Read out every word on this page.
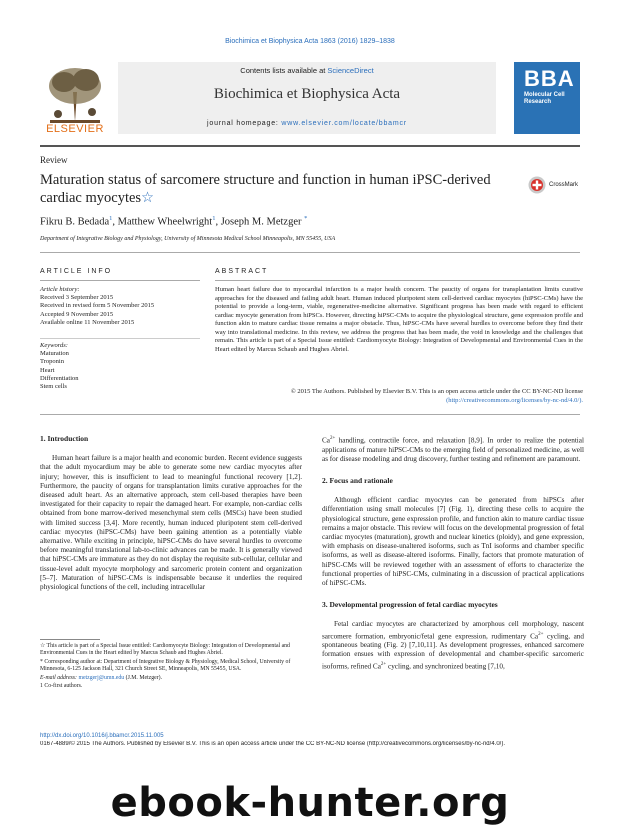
Biochimica et Biophysica Acta 1863 (2016) 1829–1838
ELSEVIER
Contents lists available at ScienceDirect
Biochimica et Biophysica Acta
journal homepage: www.elsevier.com/locate/bbamcr
BBA
Molecular Cell Research
Review
Maturation status of sarcomere structure and function in human iPSC-derived cardiac myocytes☆
CrossMark
Fikru B. Bedada$^1$, Matthew Wheelwright$^1$, Joseph M. Metzger *
Department of Integrative Biology and Physiology, University of Minnesota Medical School Minneapolis, MN 55455, USA
ARTICLE INFO	ABSTRACT
Article history:
Received 3 September 2015
Received in revised form 5 November 2015
Accepted 9 November 2015
Available online 11 November 2015
Keywords:
Maturation
Troponin
Heart
Differentiation
Stem cells
Human heart failure due to myocardial infarction is a major health concern. The paucity of organs for transplantation limits curative approaches for the diseased and failing adult heart. Human induced pluripotent stem cell-derived cardiac myocytes (hiPSC-CMs) have the potential to provide a long-term, viable, regenerative-medicine alternative. Significant progress has been made with regard to efficient cardiac myocyte generation from hiPSCs. However, directing hiPSC-CMs to acquire the physiological structure, gene expression profile and function akin to mature cardiac tissue remains a major obstacle. Thus, hiPSC-CMs have several hurdles to overcome before they find their way into translational medicine. In this review, we address the progress that has been made, the void in knowledge and the challenges that remain. This article is part of a Special Issue entitled: Cardiomyocyte Biology: Integration of Developmental and Environmental Cues in the Heart edited by Marcus Schaub and Hughes Abriel.
© 2015 The Authors. Published by Elsevier B.V. This is an open access article under the CC BY-NC-ND license
(http://creativecommons.org/licenses/by-nc-nd/4.0/).
1. Introduction
Human heart failure is a major health and economic burden. Recent evidence suggests that the adult myocardium may be able to generate some new cardiac myocytes after injury; however, this is insufficient to lead to meaningful functional recovery [1,2]. Furthermore, the paucity of organs for transplantation limits curative approaches for the diseased adult heart. As an alternative approach, stem cell-based therapies have been investigated for their capacity to repair the damaged heart. For example, non-cardiac cells obtained from bone marrow-derived mesenchymal stem cells (MSCs) have been studied with limited success [3,4]. More recently, human induced pluripotent stem cell-derived cardiac myocytes (hiPSC-CMs) have been gaining attention as a potentially viable alternative. While exciting in principle, hiPSC-CMs do have several hurdles to overcome before meaningful translational lab-to-clinic advances can be made. It is generally viewed that hiPSC-CMs are immature as they do not display the requisite sub-cellular, cellular and tissue-level adult myocyte morphology and sarcomeric protein content and organization [5–7]. Maturation of hiPSC-CMs is indispensable because it underlies the required physiological functions of the cell, including intracellular
$Ca^{2+}$ handling, contractile force, and relaxation [8,9]. In order to realize the potential applications of mature hiPSC-CMs to the emerging field of personalized medicine, as well as for disease modeling and drug discovery, further testing and refinement are paramount.
2. Focus and rationale
Although efficient cardiac myocytes can be generated from hiPSCs after differentiation using small molecules [7] (Fig. 1), directing these cells to acquire the physiological structure, gene expression profile, and function akin to mature cardiac tissue remains a major obstacle. This review will focus on the developmental progression of fetal cardiac myocytes (maturation), growth and nuclear kinetics (ploidy), and gene expression, with emphasis on disease-unaltered isoforms, such as TnI isoforms and chamber specific isoforms, as well as disease-altered isoforms. Finally, factors that promote maturation of hiPSC-CMs will be reviewed together with an assessment of efforts to characterize the functional properties of hiPSC-CMs, culminating in a discussion of practical applications of hiPSC-CMs.
3. Developmental progression of fetal cardiac myocytes
Fetal cardiac myocytes are characterized by amorphous cell morphology, nascent sarcomere formation, embryonic/fetal gene expression, rudimentary $Ca^{2+}$ cycling, and spontaneous beating (Fig. 2) [7,10,11]. As development progresses, enhanced sarcomere formation ensues with expression of developmental and chamber-specific sarcomeric isoforms, refined $Ca^{2+}$ cycling, and synchronized beating [7,10,

☆ This article is part of a Special Issue entitled: Cardiomyocyte Biology: Integration of Developmental and Environmental Cues in the Heart edited by Marcus Schaub and Hughes Abriel.

* Corresponding author at: Department of Integrative Biology & Physiology, Medical School, University of Minnesota, 6-125 Jackson Hall, 321 Church Street SE, Minneapolis, MN 55455, USA.

E-mail address: metzgerj@umn.edu (J.M. Metzger).

1 Co-first authors.

http://dx.doi.org/10.1016/j.bbamcr.2015.11.005
0167-4889/© 2015 The Authors. Published by Elsevier B.V. This is an open access article under the CC BY-NC-ND license (http://creativecommons.org/licenses/by-nc-nd/4.0/).
ebook-hunter.org
